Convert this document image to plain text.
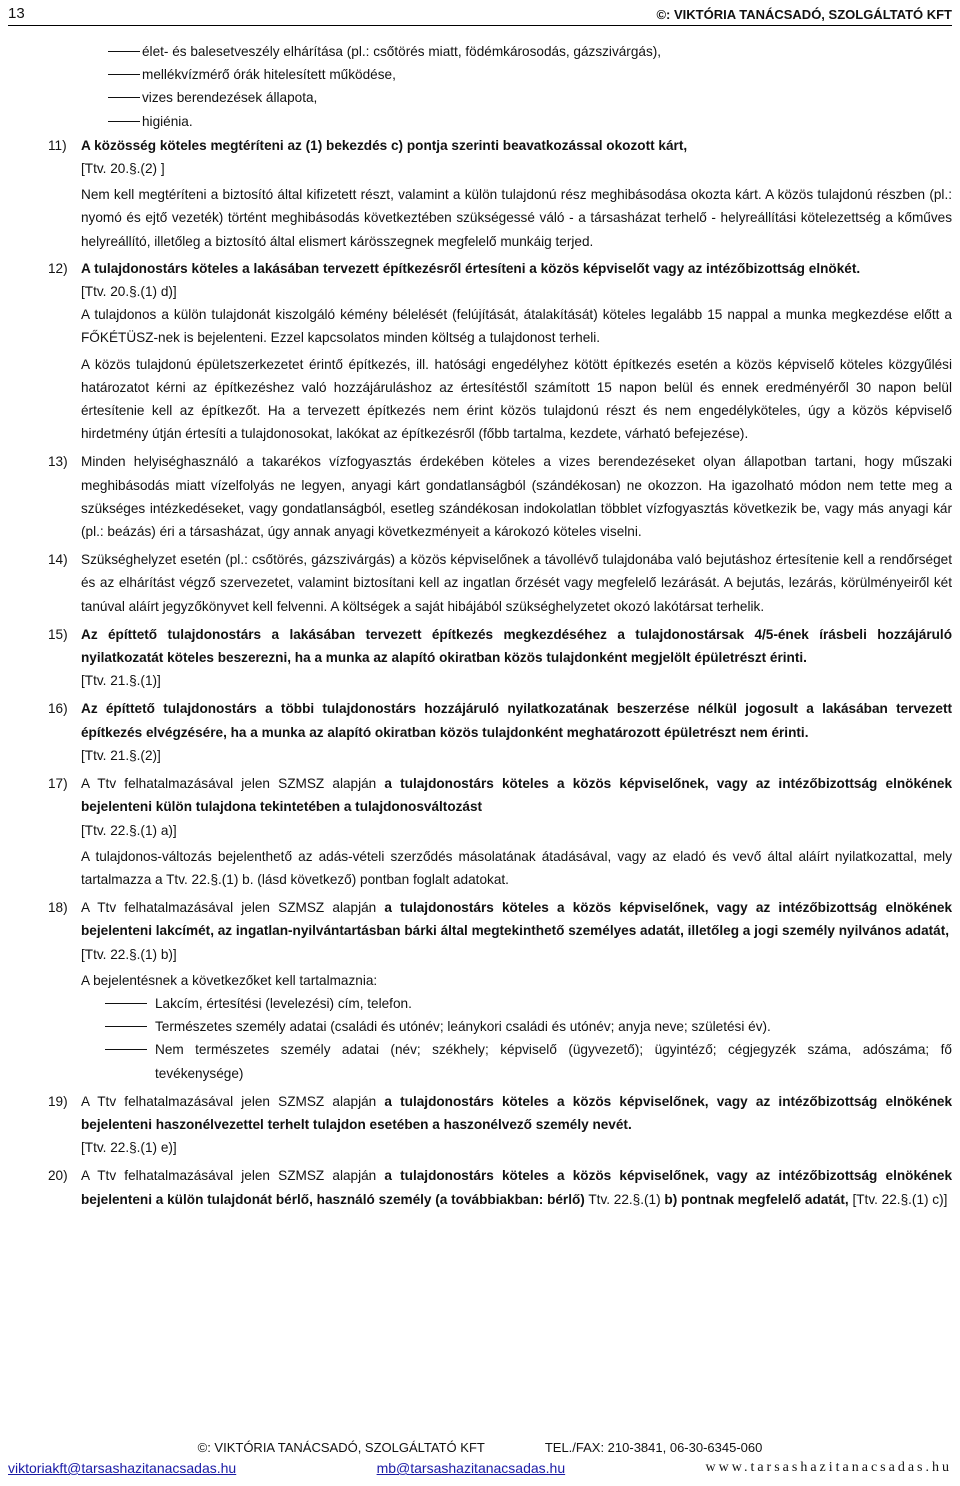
13	©: VIKTÓRIA TANÁCSADÓ, SZOLGÁLTATÓ KFT
élet- és balesetveszély elhárítása (pl.: csőtörés miatt, födémkárosodás, gázszivárgás),
mellékvízmérő órák hitelesített működése,
vizes berendezések állapota,
higiénia.
11) A közösség köteles megtéríteni az (1) bekezdés c) pontja szerinti beavatkozással okozott kárt,

[Ttv. 20.§.(2) ]

Nem kell megtéríteni a biztosító által kifizetett részt, valamint a külön tulajdonú rész meghibásodása okozta kárt. A közös tulajdonú részben (pl.: nyomó és ejtő vezeték) történt meghibásodás következtében szükségessé váló - a társasházat terhelő - helyreállítási kötelezettség a kőműves helyreállító, illetőleg a biztosító által elismert kárösszegnek megfelelő munkáig terjed.

12) A tulajdonostárs köteles a lakásában tervezett építkezésről értesíteni a közös képviselőt vagy az intézőbizottság elnökét.

[Ttv. 20.§.(1) d)]

A tulajdonos a külön tulajdonát kiszolgáló kémény bélelését (felújítását, átalakítását) köteles legalább 15 nappal a munka megkezdése előtt a FŐKÉTÜSZ-nek is bejelenteni. Ezzel kapcsolatos minden költség a tulajdonost terheli.

A közös tulajdonú épületszerkezetet érintő építkezés, ill. hatósági engedélyhez kötött építkezés esetén a közös képviselő köteles közgyűlési határozatot kérni az építkezéshez való hozzájáruláshoz az értesítéstől számított 15 napon belül és ennek eredményéről 30 napon belül értesítenie kell az építkezőt. Ha a tervezett építkezés nem érint közös tulajdonú részt és nem engedélyköteles, úgy a közös képviselő hirdetmény útján értesíti a tulajdonosokat, lakókat az építkezésről (főbb tartalma, kezdete, várható befejezése).

13) Minden helyiséghasználó a takarékos vízfogyasztás érdekében köteles a vizes berendezéseket olyan állapotban tartani, hogy műszaki meghibásodás miatt vízelfolyás ne legyen, anyagi kárt gondatlanságból (szándékosan) ne okozzon. Ha igazolható módon nem tette meg a szükséges intézkedéseket, vagy gondatlanságból, esetleg szándékosan indokolatlan többlet vízfogyasztás következik be, vagy más anyagi kár (pl.: beázás) éri a társasházat, úgy annak anyagi következményeit a károkozó köteles viselni.

14) Szükséghelyzet esetén (pl.: csőtörés, gázszivárgás) a közös képviselőnek a távollévő tulajdonába való bejutáshoz értesítenie kell a rendőrséget és az elhárítást végző szervezetet, valamint biztosítani kell az ingatlan őrzését vagy megfelelő lezárását. A bejutás, lezárás, körülményeiről két tanúval aláírt jegyzőkönyvet kell felvenni. A költségek a saját hibájából szükséghelyzetet okozó lakótársat terhelik.

15) Az építtető tulajdonostárs a lakásában tervezett építkezés megkezdéséhez a tulajdonostársak 4/5-ének írásbeli hozzájáruló nyilatkozatát köteles beszerezni, ha a munka az alapító okiratban közös tulajdonként megjelölt épületrészt érinti.

[Ttv. 21.§.(1)]

16) Az építtető tulajdonostárs a többi tulajdonostárs hozzájáruló nyilatkozatának beszerzése nélkül jogosult a lakásában tervezett építkezés elvégzésére, ha a munka az alapító okiratban közös tulajdonként meghatározott épületrészt nem érinti.

[Ttv. 21.§.(2)]

17) A Ttv felhatalmazásával jelen SZMSZ alapján a tulajdonostárs köteles a közös képviselőnek, vagy az intézőbizottság elnökének bejelenteni külön tulajdona tekintetében a tulajdonosváltozást

[Ttv. 22.§.(1) a)]

A tulajdonos-változás bejelenthető az adás-vételi szerződés másolatának átadásával, vagy az eladó és vevő által aláírt nyilatkozattal, mely tartalmazza a Ttv. 22.§.(1) b. (lásd következő) pontban foglalt adatokat.

18) A Ttv felhatalmazásával jelen SZMSZ alapján a tulajdonostárs köteles a közös képviselőnek, vagy az intézőbizottság elnökének bejelenteni lakcímét, az ingatlan-nyilvántartásban bárki által megtekinthető személyes adatát, illetőleg a jogi személy nyilvános adatát,

[Ttv. 22.§.(1) b)]

A bejelentésnek a következőket kell tartalmaznia:

Lakcím, értesítési (levelezési) cím, telefon.
Természetes személy adatai (családi és utónév; leánykori családi és utónév; anyja neve; születési év).
Nem természetes személy adatai (név; székhely; képviselő (ügyvezető); ügyintéző; cégjegyzék száma, adószáma; fő tevékenysége)
19) A Ttv felhatalmazásával jelen SZMSZ alapján a tulajdonostárs köteles a közös képviselőnek, vagy az intézőbizottság elnökének bejelenteni haszonélvezettel terhelt tulajdon esetében a haszonélvező személy nevét.

[Ttv. 22.§.(1) e)]

20) A Ttv felhatalmazásával jelen SZMSZ alapján a tulajdonostárs köteles a közös képviselőnek, vagy az intézőbizottság elnökének bejelenteni a külön tulajdonát bérlő, használó személy (a továbbiakban: bérlő) Ttv. 22.§.(1) b) pontnak megfelelő adatát, [Ttv. 22.§.(1) c)]

©: VIKTÓRIA TANÁCSADÓ, SZOLGÁLTATÓ KFT	TEL./FAX: 210-3841, 06-30-6345-060
viktoriakft@tarsashazitanacsadas.hu	mb@tarsashazitanacsadas.hu	www.tarsashazitanacsadas.hu
